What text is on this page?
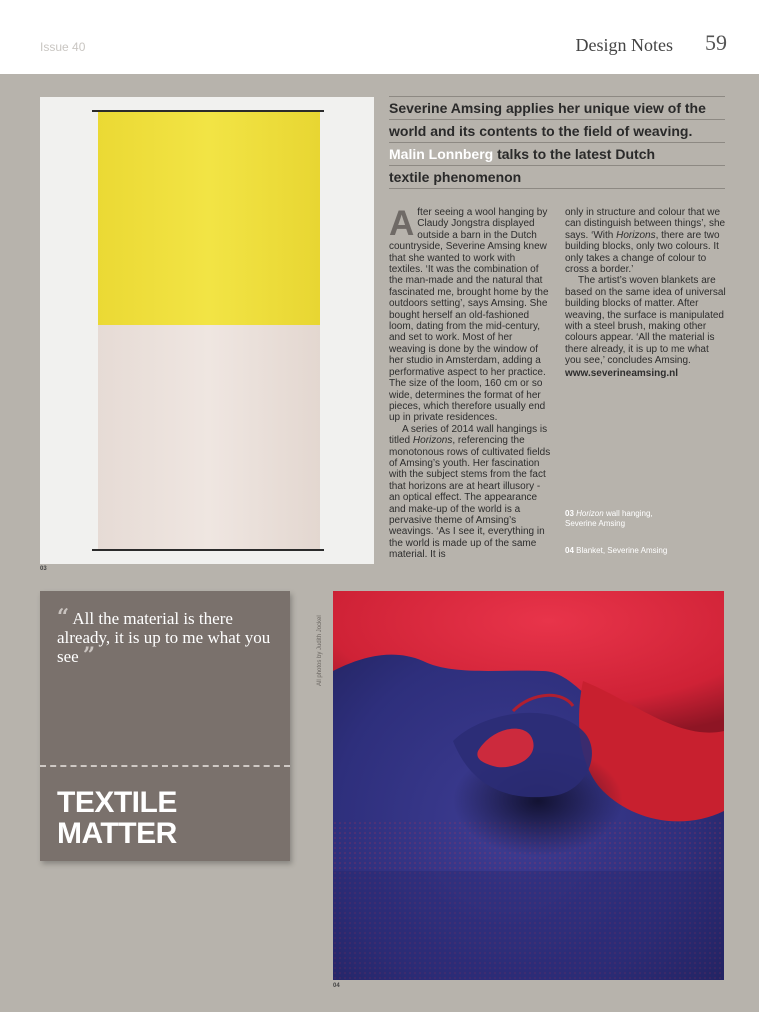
Issue 40	Design Notes 59
03
Severine Amsing applies her unique view of the
world and its contents to the field of weaving.
Malin Lonnberg talks to the latest Dutch
textile phenomenon

After seeing a wool hanging by Claudy Jongstra displayed outside a barn in the Dutch countryside, Severine Amsing knew that she wanted to work with textiles. ‘It was the combination of the man-made and the natural that fascinated me, brought home by the outdoors setting’, says Amsing. She bought herself an old-fashioned loom, dating from the mid-century, and set to work. Most of her weaving is done by the window of her studio in Amsterdam, adding a performative aspect to her practice. The size of the loom, 160 cm or so wide, determines the format of her pieces, which therefore usually end up in private residences.

A series of 2014 wall hangings is titled Horizons, referencing the monotonous rows of cultivated fields of Amsing’s youth. Her fascination with the subject stems from the fact that horizons are at heart illusory - an optical effect. The appearance and make-up of the world is a pervasive theme of Amsing’s weavings. ‘As I see it, everything in the world is made up of the same material. It is

only in structure and colour that we can distinguish between things’, she says. ‘With Horizons, there are two building blocks, only two colours. It only takes a change of colour to cross a border.’

The artist’s woven blankets are based on the same idea of universal building blocks of matter. After weaving, the surface is manipulated with a steel brush, making other colours appear. ‘All the material is there already, it is up to me what you see,’ concludes Amsing.

www.severineamsing.nl

03 Horizon wall hanging, Severine Amsing
04 Blanket, Severine Amsing
“ All the material is there already, it is up to me what you see ”
TEXTILE
MATTER
All photos by Judith Jockel
04
